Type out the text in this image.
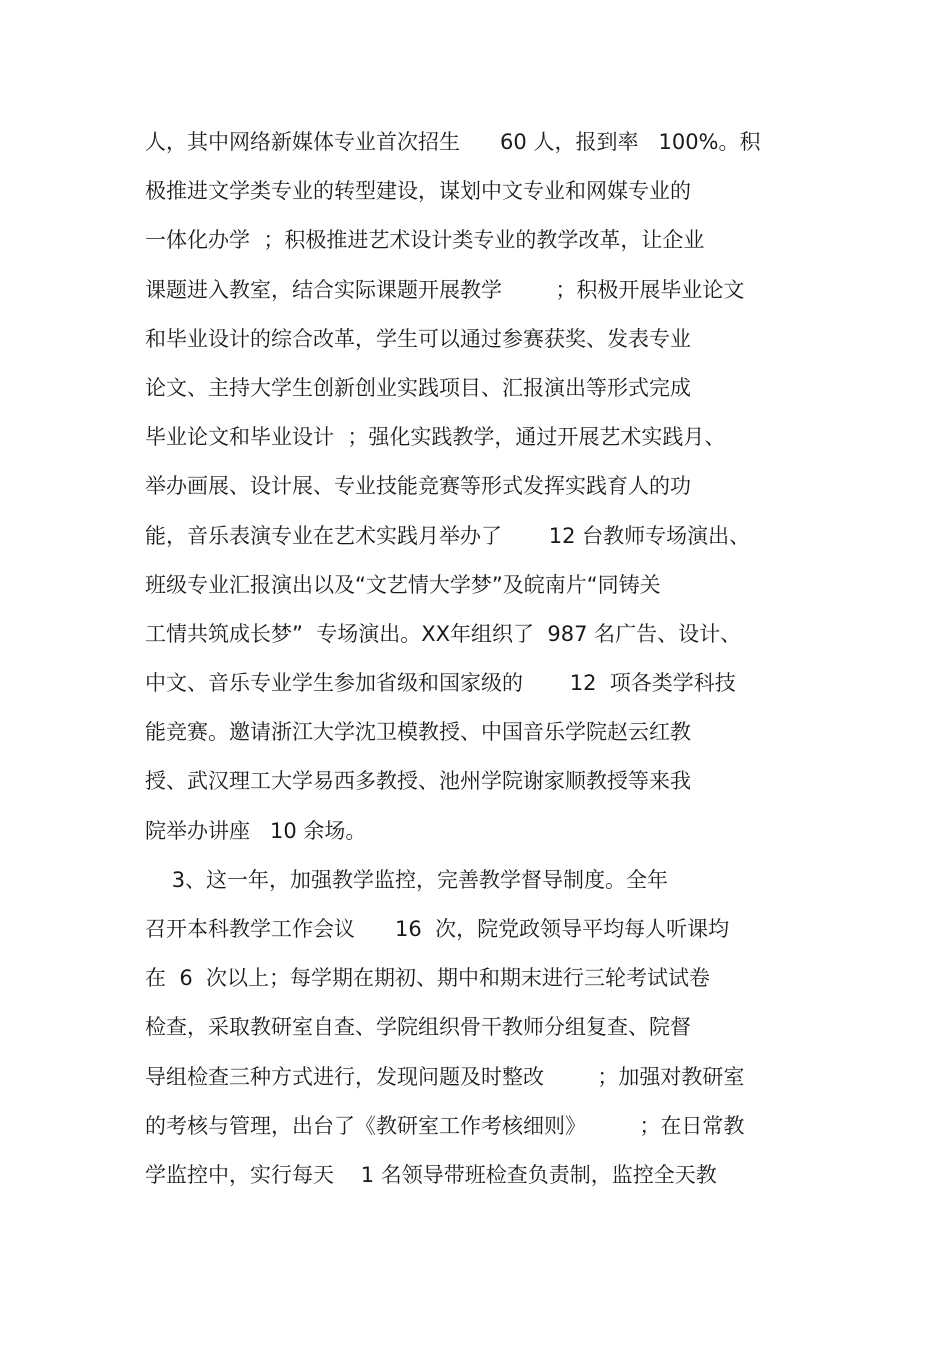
人，其中网络新媒体专业首次招生      60 人，报到率   100%。积
极推进文学类专业的转型建设，谋划中文专业和网媒专业的
一体化办学  ；积极推进艺术设计类专业的教学改革，让企业
课题进入教室，结合实际课题开展教学        ；积极开展毕业论文
和毕业设计的综合改革，学生可以通过参赛获奖、发表专业
论文、主持大学生创新创业实践项目、汇报演出等形式完成
毕业论文和毕业设计  ；强化实践教学，通过开展艺术实践月、
举办画展、设计展、专业技能竞赛等形式发挥实践育人的功
能，音乐表演专业在艺术实践月举办了       12 台教师专场演出、
班级专业汇报演出以及“文艺情大学梦”及皖南片“同铸关
工情共筑成长梦”  专场演出。XX年组织了  987 名广告、设计、
中文、音乐专业学生参加省级和国家级的       12  项各类学科技
能竞赛。邀请浙江大学沈卫模教授、中国音乐学院赵云红教
授、武汉理工大学易西多教授、池州学院谢家顺教授等来我
院举办讲座   10 余场。
3、这一年，加强教学监控，完善教学督导制度。全年
召开本科教学工作会议      16  次，院党政领导平均每人听课均
在  6  次以上；每学期在期初、期中和期末进行三轮考试试卷
检查，采取教研室自查、学院组织骨干教师分组复查、院督
导组检查三种方式进行，发现问题及时整改        ；加强对教研室
的考核与管理，出台了《教研室工作考核细则》        ；在日常教
学监控中，实行每天    1 名领导带班检查负责制，监控全天教
